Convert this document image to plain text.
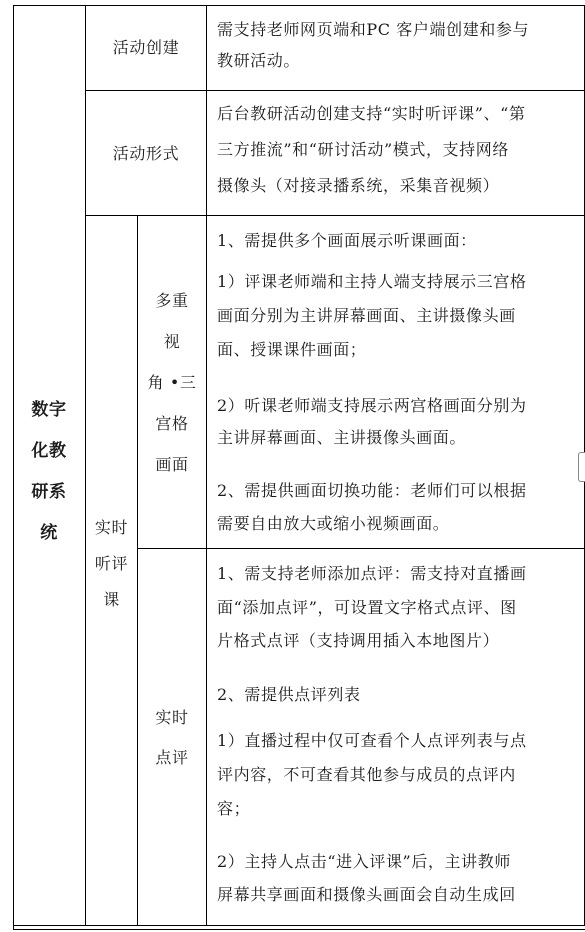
数字
化教
研系
统
活动创建
需支持老师网页端和PC 客户端创建和参与
教研活动。
活动形式
后台教研活动创建支持“实时听评课”、“第
三方推流”和“研讨活动”模式，支持网络
摄像头（对接录播系统，采集音视频）
实时
听评
课
多重
视
角 •三
宫格
画面
1、需提供多个画面展示听课画面：
1）评课老师端和主持人端支持展示三宫格
画面分别为主讲屏幕画面、主讲摄像头画
面、授课课件画面；
2）听课老师端支持展示两宫格画面分别为
主讲屏幕画面、主讲摄像头画面。
2、需提供画面切换功能：老师们可以根据
需要自由放大或缩小视频画面。
实时
点评
1、需支持老师添加点评：需支持对直播画
面“添加点评”，可设置文字格式点评、图
片格式点评（支持调用插入本地图片）
2、需提供点评列表
1）直播过程中仅可查看个人点评列表与点
评内容，不可查看其他参与成员的点评内
容；
2）主持人点击“进入评课”后，主讲教师
屏幕共享画面和摄像头画面会自动生成回
